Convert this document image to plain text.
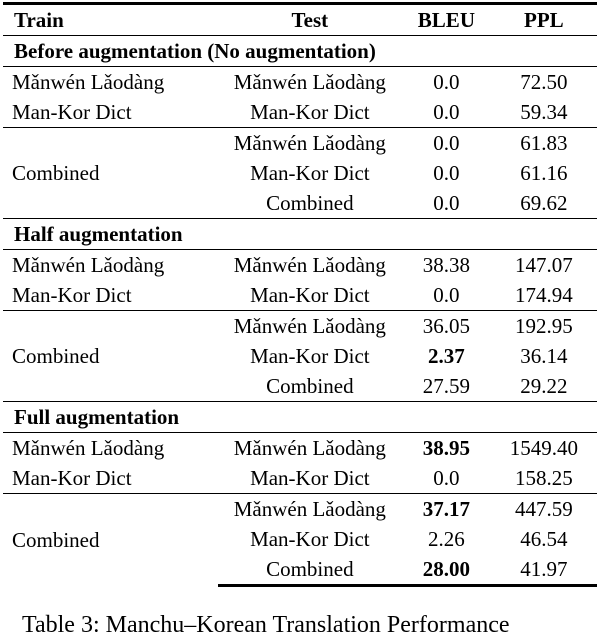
Train	Test	BLEU	PPL
Before augmentation (No augmentation)			
Mǎnwén Lǎodàng	Mǎnwén Lǎodàng	0.0	72.50
Man-Kor Dict	Man-Kor Dict	0.0	59.34
Combined	Mǎnwén Lǎodàng	0.0	61.83
	Man-Kor Dict	0.0	61.16
	Combined	0.0	69.62
Half augmentation			
Mǎnwén Lǎodàng	Mǎnwén Lǎodàng	38.38	147.07
Man-Kor Dict	Man-Kor Dict	0.0	174.94
Combined	Mǎnwén Lǎodàng	36.05	192.95
	Man-Kor Dict	2.37	36.14
	Combined	27.59	29.22
Full augmentation			
Mǎnwén Lǎodàng	Mǎnwén Lǎodàng	38.95	1549.40
Man-Kor Dict	Man-Kor Dict	0.0	158.25
Combined	Mǎnwén Lǎodàng	37.17	447.59
	Man-Kor Dict	2.26	46.54
	Combined	28.00	41.97
Table 3: Manchu–Korean Translation Performance
